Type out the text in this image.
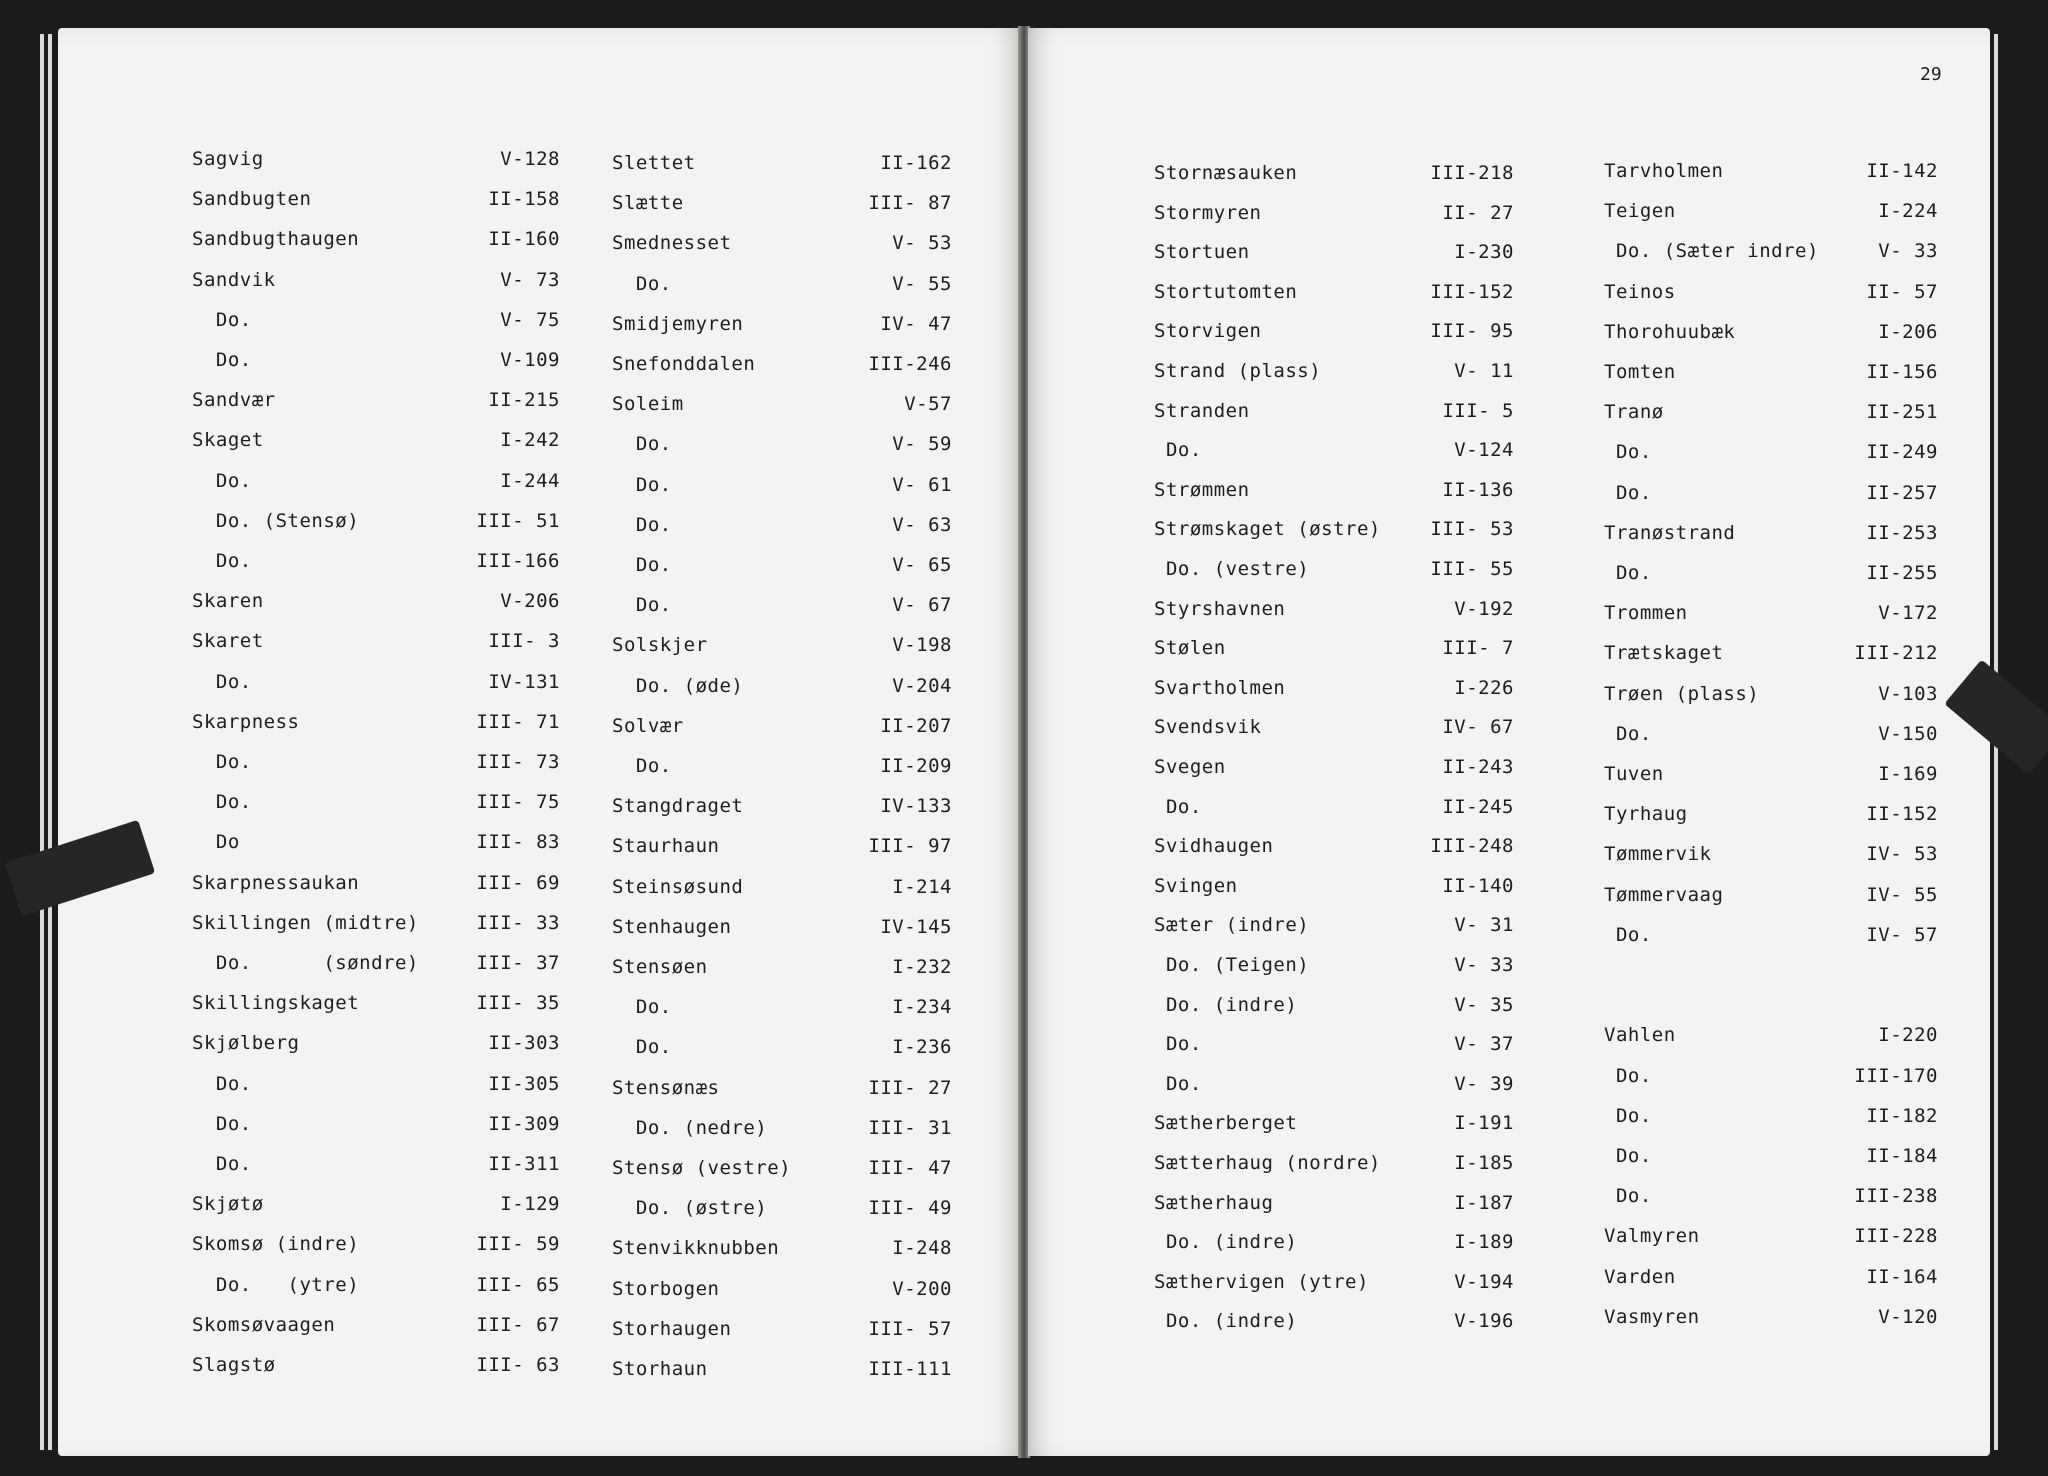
29
Sagvig	V-128
Sandbugten	II-158
Sandbugthaugen	II-160
Sandvik	V- 73
Do.	V- 75
Do.	V-109
Sandvær	II-215
Skaget	I-242
Do.	I-244
Do. (Stensø)	III- 51
Do.	III-166
Skaren	V-206
Skaret	III- 3
Do.	IV-131
Skarpness	III- 71
Do.	III- 73
Do.	III- 75
Do	III- 83
Skarpnessaukan	III- 69
Skillingen (midtre)	III- 33
Do.      (søndre)	III- 37
Skillingskaget	III- 35
Skjølberg	II-303
Do.	II-305
Do.	II-309
Do.	II-311
Skjøtø	I-129
Skomsø (indre)	III- 59
Do.   (ytre)	III- 65
Skomsøvaagen	III- 67
Slagstø	III- 63
Slettet	II-162
Slætte	III- 87
Smednesset	V- 53
Do.	V- 55
Smidjemyren	IV- 47
Snefonddalen	III-246
Soleim	V-57
Do.	V- 59
Do.	V- 61
Do.	V- 63
Do.	V- 65
Do.	V- 67
Solskjer	V-198
Do. (øde)	V-204
Solvær	II-207
Do.	II-209
Stangdraget	IV-133
Staurhaun	III- 97
Steinsøsund	I-214
Stenhaugen	IV-145
Stensøen	I-232
Do.	I-234
Do.	I-236
Stensønæs	III- 27
Do. (nedre)	III- 31
Stensø (vestre)	III- 47
Do. (østre)	III- 49
Stenvikknubben	I-248
Storbogen	V-200
Storhaugen	III- 57
Storhaun	III-111
Stornæsauken	III-218
Stormyren	II- 27
Stortuen	I-230
Stortutomten	III-152
Storvigen	III- 95
Strand (plass)	V- 11
Stranden	III- 5
Do.	V-124
Strømmen	II-136
Strømskaget (østre)	III- 53
Do. (vestre)	III- 55
Styrshavnen	V-192
Stølen	III- 7
Svartholmen	I-226
Svendsvik	IV- 67
Svegen	II-243
Do.	II-245
Svidhaugen	III-248
Svingen	II-140
Sæter (indre)	V- 31
Do. (Teigen)	V- 33
Do. (indre)	V- 35
Do.	V- 37
Do.	V- 39
Sætherberget	I-191
Sætterhaug (nordre)	I-185
Sætherhaug	I-187
Do. (indre)	I-189
Sæthervigen (ytre)	V-194
Do. (indre)	V-196
Tarvholmen	II-142
Teigen	I-224
Do. (Sæter indre)	V- 33
Teinos	II- 57
Thorohuubæk	I-206
Tomten	II-156
Tranø	II-251
Do.	II-249
Do.	II-257
Tranøstrand	II-253
Do.	II-255
Trommen	V-172
Trætskaget	III-212
Trøen (plass)	V-103
Do.	V-150
Tuven	I-169
Tyrhaug	II-152
Tømmervik	IV- 53
Tømmervaag	IV- 55
Do.	IV- 57
Vahlen	I-220
Do.	III-170
Do.	II-182
Do.	II-184
Do.	III-238
Valmyren	III-228
Varden	II-164
Vasmyren	V-120
